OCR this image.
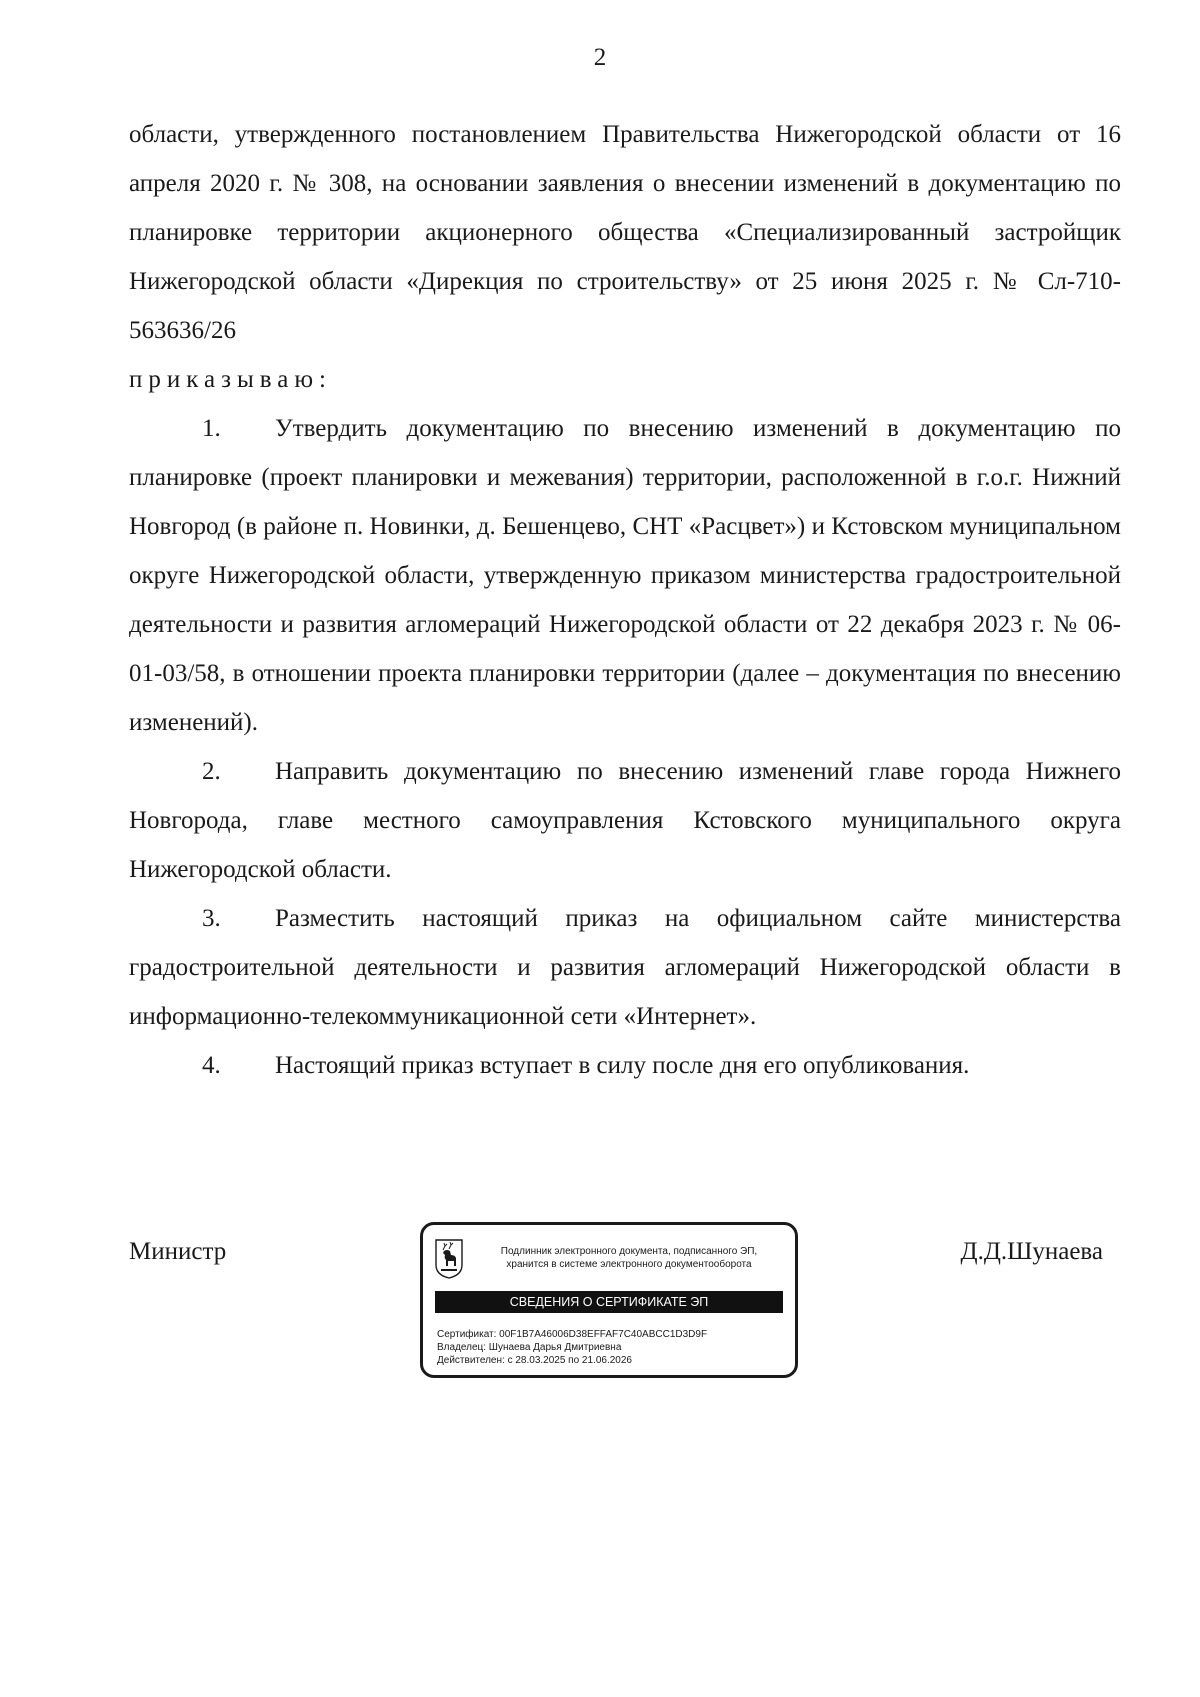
2

области, утвержденного постановлением Правительства Нижегородской области от 16 апреля 2020 г. № 308, на основании заявления о внесении изменений в документацию по планировке территории акционерного общества «Специализированный застройщик Нижегородской области «Дирекция по строительству» от 25 июня 2025 г. № Сл-710-563636/26

приказываю:

1. Утвердить документацию по внесению изменений в документацию по планировке (проект планировки и межевания) территории, расположенной в г.о.г. Нижний Новгород (в районе п. Новинки, д. Бешенцево, СНТ «Расцвет») и Кстовском муниципальном округе Нижегородской области, утвержденную приказом министерства градостроительной деятельности и развития агломераций Нижегородской области от 22 декабря 2023 г. № 06-01-03/58, в отношении проекта планировки территории (далее – документация по внесению изменений).

2. Направить документацию по внесению изменений главе города Нижнего Новгорода, главе местного самоуправления Кстовского муниципального округа Нижегородской области.

3. Разместить настоящий приказ на официальном сайте министерства градостроительной деятельности и развития агломераций Нижегородской области в информационно-телекоммуникационной сети «Интернет».

4. Настоящий приказ вступает в силу после дня его опубликования.

Министр	Подлинник электронного документа, подписанного ЭП,
хранится в системе электронного документооборота
СВЕДЕНИЯ О СЕРТИФИКАТЕ ЭП
Сертификат: 00F1B7A46006D38EFFAF7C40ABCC1D3D9F
Владелец: Шунаева Дарья Дмитриевна
Действителен: с 28.03.2025 по 21.06.2026
Д.Д.Шунаева
